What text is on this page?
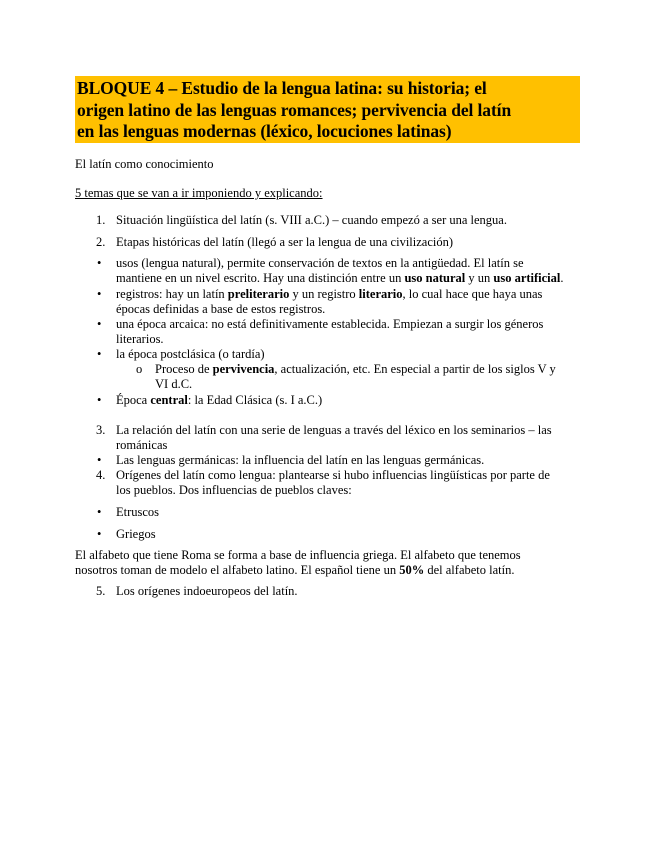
BLOQUE 4 – Estudio de la lengua latina: su historia; el
origen latino de las lenguas romances; pervivencia del latín
en las lenguas modernas (léxico, locuciones latinas)
El latín como conocimiento
5 temas que se van a ir imponiendo y explicando:
1. Situación lingüística del latín (s. VIII a.C.) – cuando empezó a ser una lengua.
2. Etapas históricas del latín (llegó a ser la lengua de una civilización)
• usos (lengua natural), permite conservación de textos en la antigüedad. El latín se
mantiene en un nivel escrito. Hay una distinción entre un uso natural y un uso artificial.
• registros: hay un latín preliterario y un registro literario, lo cual hace que haya unas
épocas definidas a base de estos registros.
• una época arcaica: no está definitivamente establecida. Empiezan a surgir los géneros
literarios.
• la época postclásica (o tardía)
o Proceso de pervivencia, actualización, etc. En especial a partir de los siglos V y
VI d.C.
• Época central: la Edad Clásica (s. I a.C.)
3. La relación del latín con una serie de lenguas a través del léxico en los seminarios – las
románicas
• Las lenguas germánicas: la influencia del latín en las lenguas germánicas.
4. Orígenes del latín como lengua: plantearse si hubo influencias lingüísticas por parte de
los pueblos. Dos influencias de pueblos claves:
• Etruscos
• Griegos
El alfabeto que tiene Roma se forma a base de influencia griega. El alfabeto que tenemos
nosotros toman de modelo el alfabeto latino. El español tiene un 50% del alfabeto latín.
5. Los orígenes indoeuropeos del latín.
